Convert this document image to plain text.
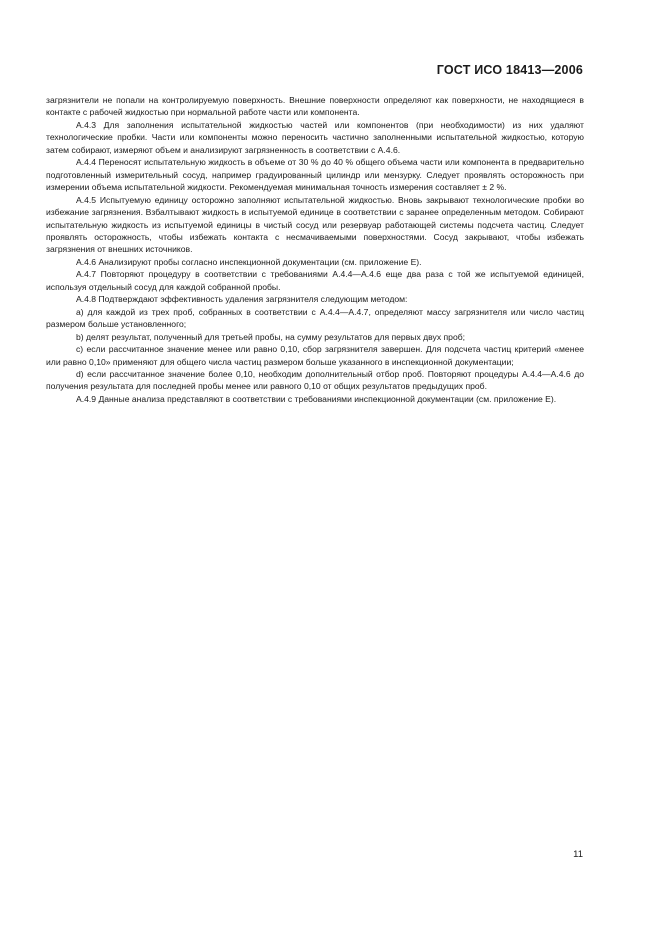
ГОСТ ИСО 18413—2006

загрязнители не попали на контролируемую поверхность. Внешние поверхности определяют как поверхности, не находящиеся в контакте с рабочей жидкостью при нормальной работе части или компонента.

А.4.3 Для заполнения испытательной жидкостью частей или компонентов (при необходимости) из них удаляют технологические пробки. Части или компоненты можно переносить частично заполненными испытательной жидкостью, которую затем собирают, измеряют объем и анализируют загрязненность в соответствии с А.4.6.

А.4.4 Переносят испытательную жидкость в объеме от 30 % до 40 % общего объема части или компонента в предварительно подготовленный измерительный сосуд, например градуированный цилиндр или мензурку. Следует проявлять осторожность при измерении объема испытательной жидкости. Рекомендуемая минимальная точность измерения составляет ± 2 %.

А.4.5 Испытуемую единицу осторожно заполняют испытательной жидкостью. Вновь закрывают технологические пробки во избежание загрязнения. Взбалтывают жидкость в испытуемой единице в соответствии с заранее определенным методом. Собирают испытательную жидкость из испытуемой единицы в чистый сосуд или резервуар работающей системы подсчета частиц. Следует проявлять осторожность, чтобы избежать контакта с несмачиваемыми поверхностями. Сосуд закрывают, чтобы избежать загрязнения от внешних источников.

А.4.6 Анализируют пробы согласно инспекционной документации (см. приложение Е).

А.4.7 Повторяют процедуру в соответствии с требованиями А.4.4—А.4.6 еще два раза с той же испытуемой единицей, используя отдельный сосуд для каждой собранной пробы.

А.4.8 Подтверждают эффективность удаления загрязнителя следующим методом:

а) для каждой из трех проб, собранных в соответствии с А.4.4—А.4.7, определяют массу загрязнителя или число частиц размером больше установленного;

b) делят результат, полученный для третьей пробы, на сумму результатов для первых двух проб;

c) если рассчитанное значение менее или равно 0,10, сбор загрязнителя завершен. Для подсчета частиц критерий «менее или равно 0,10» применяют для общего числа частиц размером больше указанного в инспекционной документации;

d) если рассчитанное значение более 0,10, необходим дополнительный отбор проб. Повторяют процедуры А.4.4—А.4.6 до получения результата для последней пробы менее или равного 0,10 от общих результатов предыдущих проб.

А.4.9 Данные анализа представляют в соответствии с требованиями инспекционной документации (см. приложение Е).

11
